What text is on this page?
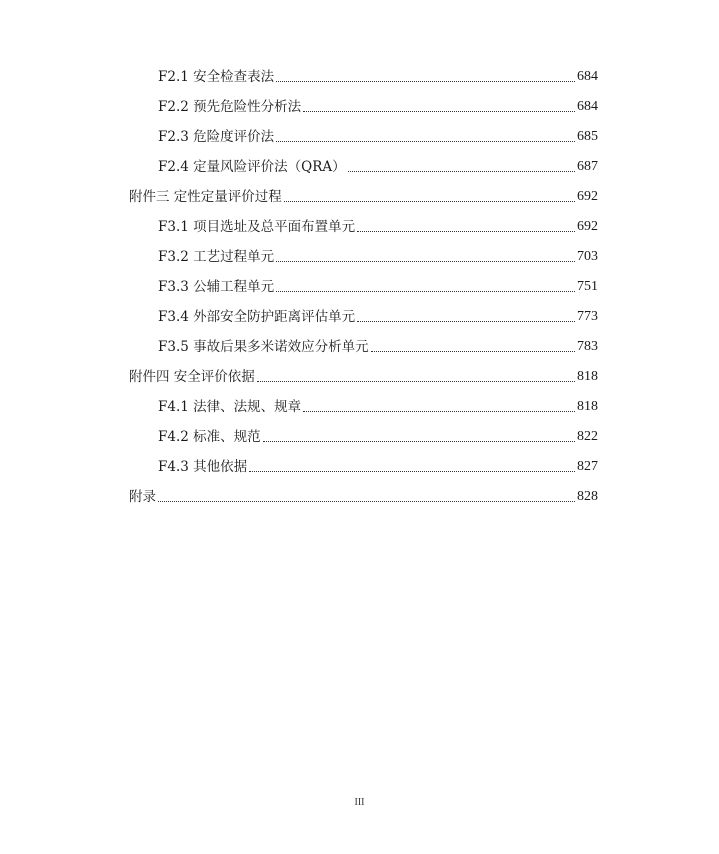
F2.1 安全检查表法	684
F2.2 预先危险性分析法	684
F2.3 危险度评价法	685
F2.4 定量风险评价法（QRA）	687
附件三 定性定量评价过程	692
F3.1 项目选址及总平面布置单元	692
F3.2 工艺过程单元	703
F3.3 公辅工程单元	751
F3.4 外部安全防护距离评估单元	773
F3.5 事故后果多米诺效应分析单元	783
附件四 安全评价依据	818
F4.1 法律、法规、规章	818
F4.2 标准、规范	822
F4.3 其他依据	827
附录	828
III
